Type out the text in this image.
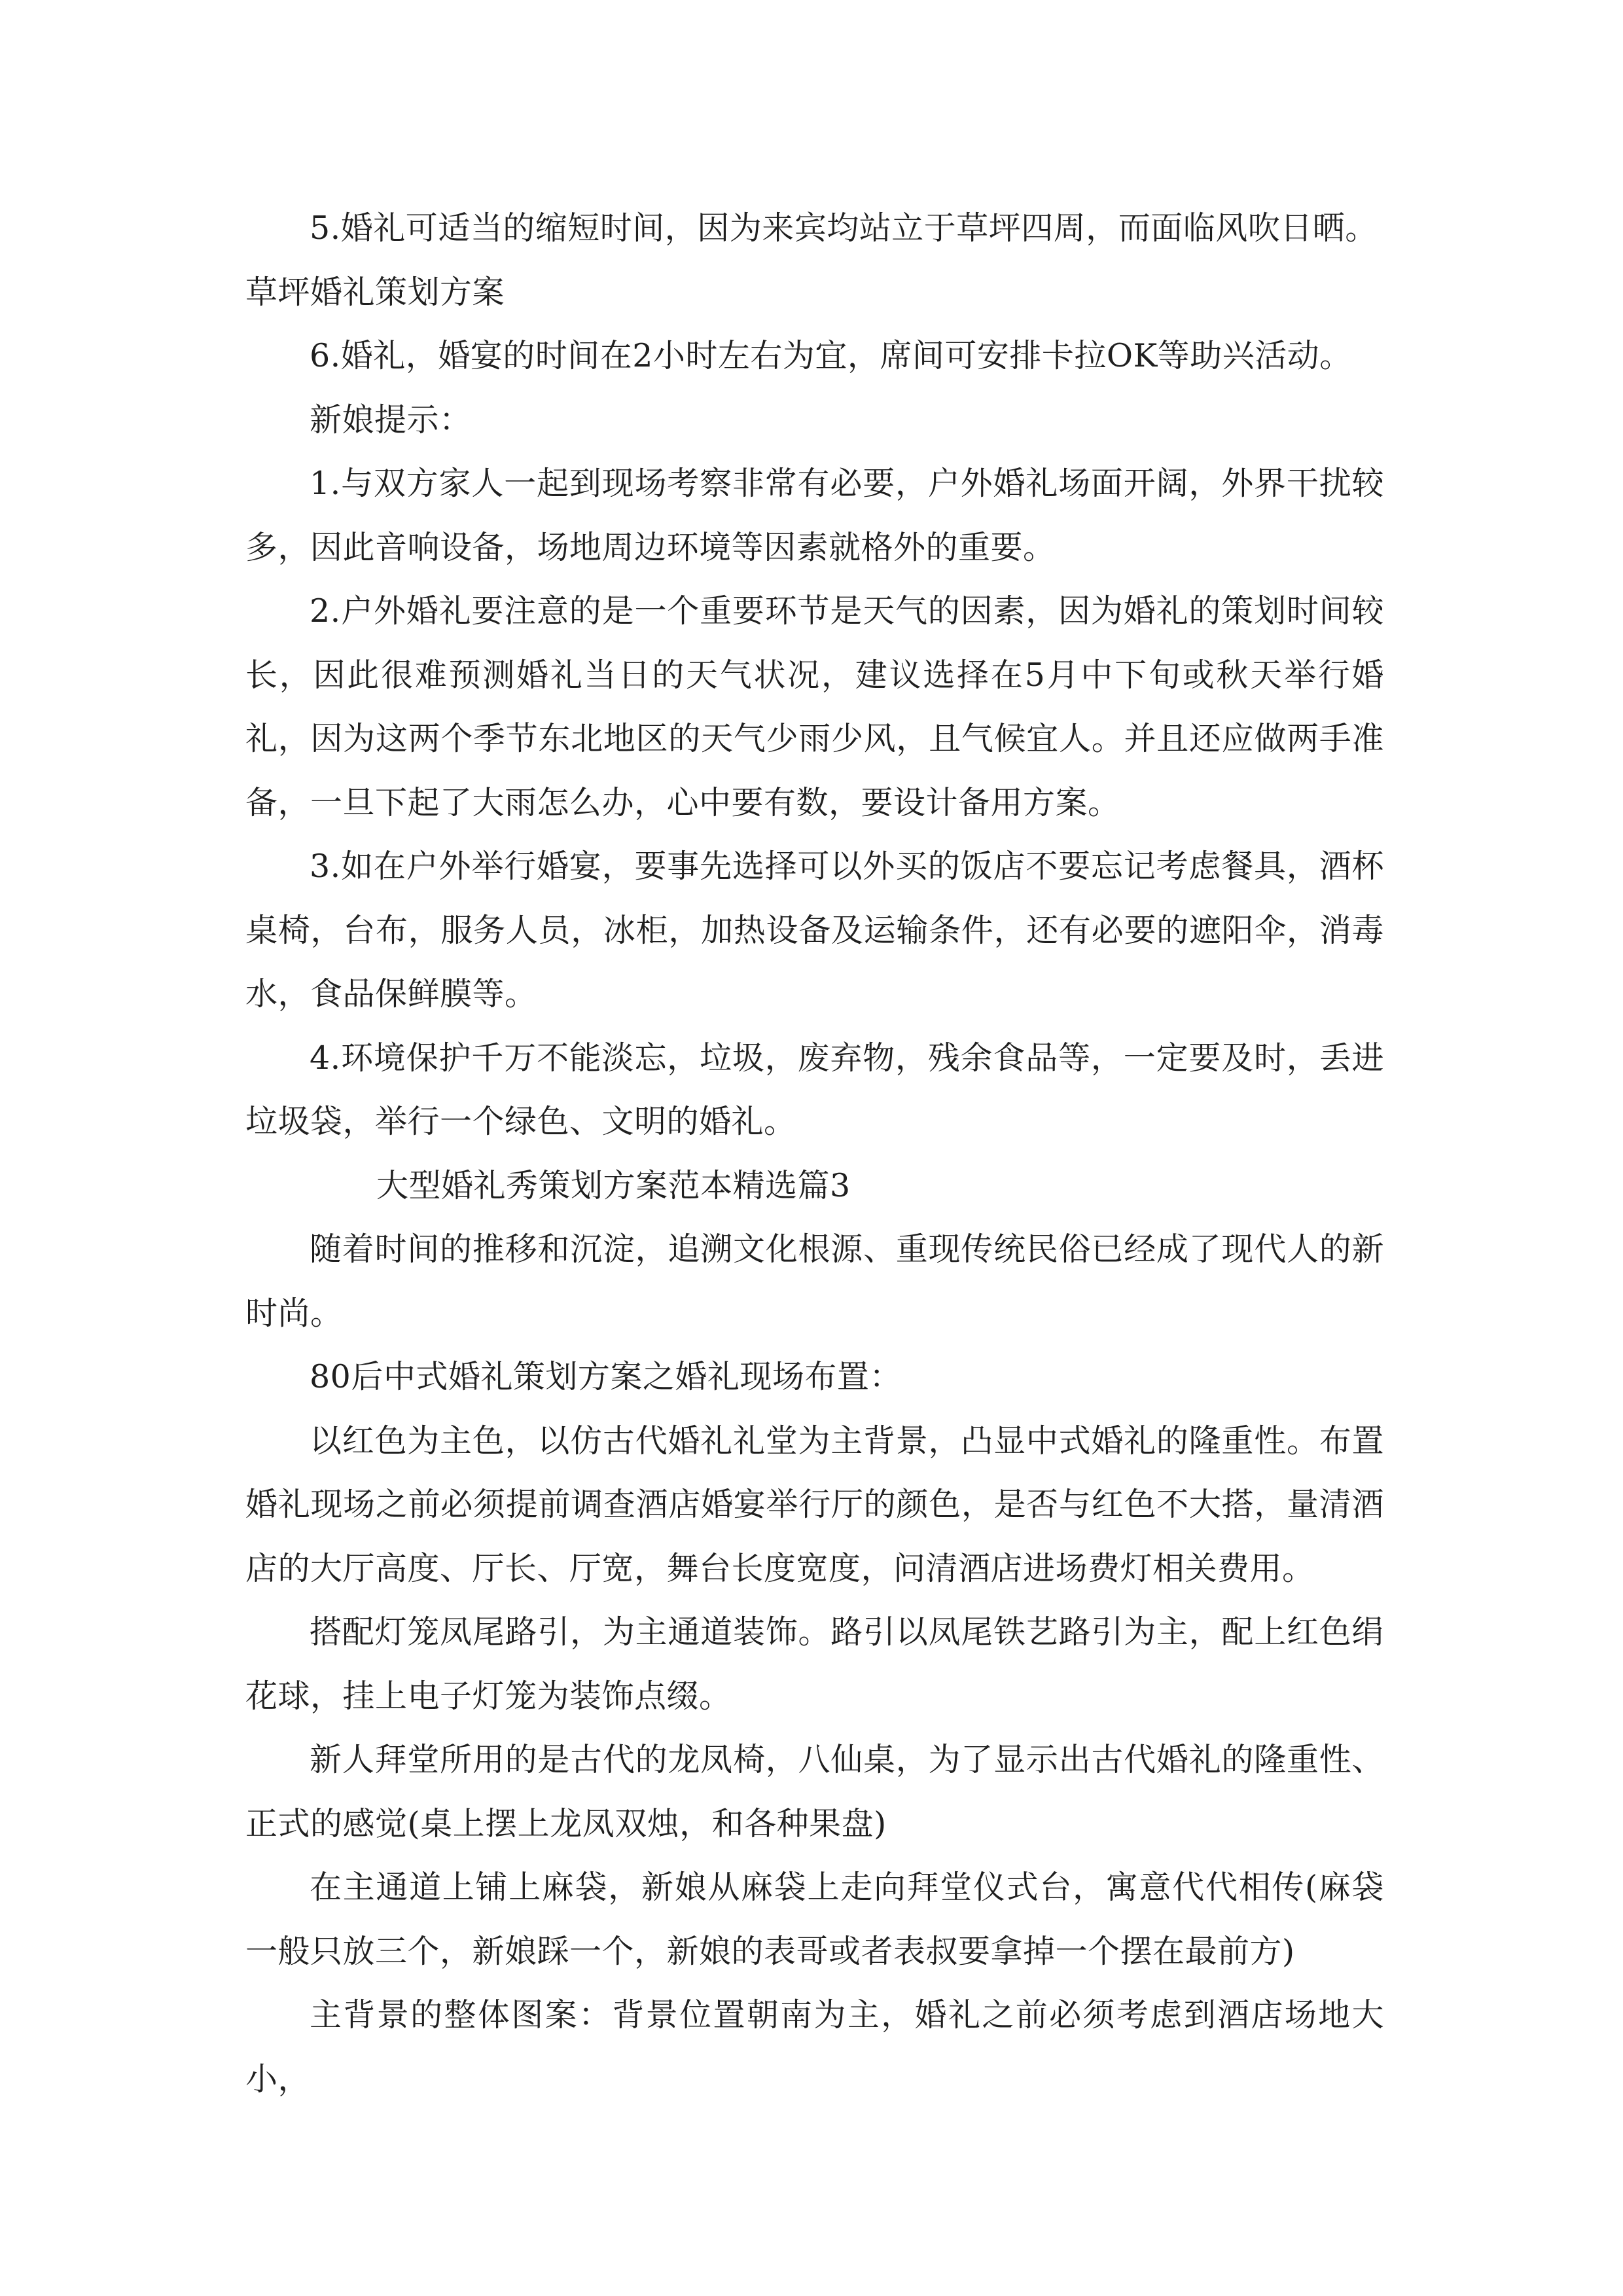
5.婚礼可适当的缩短时间，因为来宾均站立于草坪四周，而面临风吹日晒。

草坪婚礼策划方案

6.婚礼，婚宴的时间在2小时左右为宜，席间可安排卡拉OK等助兴活动。

新娘提示：

1.与双方家人一起到现场考察非常有必要，户外婚礼场面开阔，外界干扰较多，因此音响设备，场地周边环境等因素就格外的重要。

2.户外婚礼要注意的是一个重要环节是天气的因素，因为婚礼的策划时间较长，因此很难预测婚礼当日的天气状况，建议选择在5月中下旬或秋天举行婚礼，因为这两个季节东北地区的天气少雨少风，且气候宜人。并且还应做两手准备，一旦下起了大雨怎么办，心中要有数，要设计备用方案。

3.如在户外举行婚宴，要事先选择可以外买的饭店不要忘记考虑餐具，酒杯桌椅，台布，服务人员，冰柜，加热设备及运输条件，还有必要的遮阳伞，消毒水，食品保鲜膜等。

4.环境保护千万不能淡忘，垃圾，废弃物，残余食品等，一定要及时，丢进垃圾袋，举行一个绿色、文明的婚礼。

大型婚礼秀策划方案范本精选篇3

随着时间的推移和沉淀，追溯文化根源、重现传统民俗已经成了现代人的新时尚。

80后中式婚礼策划方案之婚礼现场布置：

以红色为主色，以仿古代婚礼礼堂为主背景，凸显中式婚礼的隆重性。布置婚礼现场之前必须提前调查酒店婚宴举行厅的颜色，是否与红色不大搭，量清酒店的大厅高度、厅长、厅宽，舞台长度宽度，问清酒店进场费灯相关费用。

搭配灯笼凤尾路引，为主通道装饰。路引以凤尾铁艺路引为主，配上红色绢花球，挂上电子灯笼为装饰点缀。

新人拜堂所用的是古代的龙凤椅，八仙桌，为了显示出古代婚礼的隆重性、正式的感觉(桌上摆上龙凤双烛，和各种果盘)

在主通道上铺上麻袋，新娘从麻袋上走向拜堂仪式台，寓意代代相传(麻袋一般只放三个，新娘踩一个，新娘的表哥或者表叔要拿掉一个摆在最前方)

主背景的整体图案：背景位置朝南为主，婚礼之前必须考虑到酒店场地大小，
